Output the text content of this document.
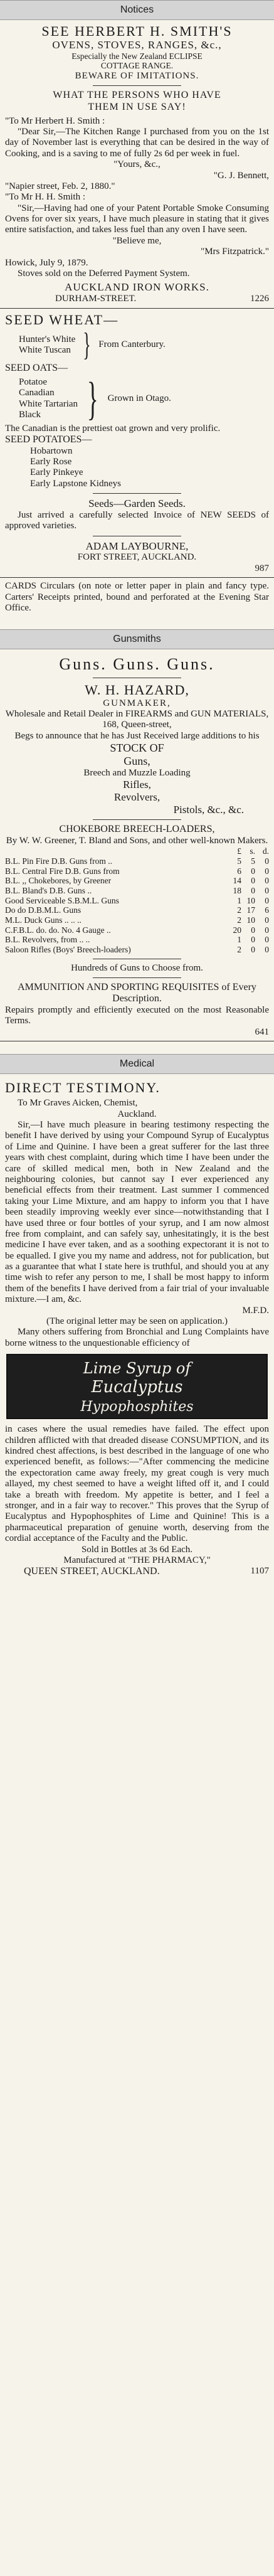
Notices

SEE HERBERT H. SMITH'S

OVENS, STOVES, RANGES, &c.,

Especially the New Zealand ECLIPSE

COTTAGE RANGE.

BEWARE OF IMITATIONS.

WHAT THE PERSONS WHO HAVE

THEM IN USE SAY!

"To Mr Herbert H. Smith :

"Dear Sir,—The Kitchen Range I purchased from you on the 1st day of November last is everything that can be desired in the way of Cooking, and is a saving to me of fully 2s 6d per week in fuel.

"Yours, &c.,

"G. J. Bennett,

"Napier street, Feb. 2, 1880."

"To Mr H. H. Smith :

"Sir,—Having had one of your Patent Portable Smoke Consuming Ovens for over six years, I have much pleasure in stating that it gives entire satisfaction, and takes less fuel than any oven I have seen.

"Believe me,

"Mrs Fitzpatrick."

Howick, July 9, 1879.

Stoves sold on the Deferred Payment System.

AUCKLAND IRON WORKS.

DURHAM-STREET.	1226

SEED WHEAT—

Hunter's White

White Tuscan } From Canterbury.

SEED OATS—

Potatoe

Canadian

White Tartarian

Black } Grown in Otago.

The Canadian is the prettiest oat grown and very prolific.

SEED POTATOES—

Hobartown

Early Rose

Early Pinkeye

Early Lapstone Kidneys

Seeds—Garden Seeds.

Just arrived a carefully selected Invoice of NEW SEEDS of approved varieties.

ADAM LAYBOURNE,

FORT STREET, AUCKLAND.

987

CARDS Circulars (on note or letter paper in plain and fancy type. Carters' Receipts printed, bound and perforated at the Evening Star Office.

Gunsmiths

Guns. Guns. Guns.

W. H. HAZARD,

GUNMAKER,

Wholesale and Retail Dealer in FIREARMS and GUN MATERIALS,

168, Queen-street,

Begs to announce that he has Just Received large additions to his

STOCK OF

Guns,

Breech and Muzzle Loading

Rifles,

Revolvers,

Pistols, &c., &c.

CHOKEBORE BREECH-LOADERS,

By W. W. Greener, T. Bland and Sons, and other well-known Makers.

	£	s.	d.
B.L. Pin Fire D.B. Guns from ..	5	5	0
B.L. Central Fire D.B. Guns from	6	0	0
B.L. ,, Chokebores, by Greener	14	0	0
B.L. Bland's D.B. Guns ..	18	0	0
Good Serviceable S.B.M.L. Guns	1	10	0
Do do D.B.M.L. Guns	2	17	6
M.L. Duck Guns .. .. ..	2	10	0
C.F.B.L. do. do. No. 4 Gauge ..	20	0	0
B.L. Revolvers, from .. ..	1	0	0
Saloon Rifles (Boys' Breech-loaders)	2	0	0

Hundreds of Guns to Choose from.

AMMUNITION AND SPORTING REQUISITES of Every Description.

Repairs promptly and efficiently executed on the most Reasonable Terms.

641

Medical

DIRECT TESTIMONY.

To Mr Graves Aicken, Chemist,

Auckland.

Sir,—I have much pleasure in bearing testimony respecting the benefit I have derived by using your Compound Syrup of Eucalyptus of Lime and Quinine. I have been a great sufferer for the last three years with chest complaint, during which time I have been under the care of skilled medical men, both in New Zealand and the neighbouring colonies, but cannot say I ever experienced any beneficial effects from their treatment. Last summer I commenced taking your Lime Mixture, and am happy to inform you that I have been steadily improving weekly ever since—notwithstanding that I have used three or four bottles of your syrup, and I am now almost free from complaint, and can safely say, unhesitatingly, it is the best medicine I have ever taken, and as a soothing expectorant it is not to be equalled. I give you my name and address, not for publication, but as a guarantee that what I state here is truthful, and should you at any time wish to refer any person to me, I shall be most happy to inform them of the benefits I have derived from a fair trial of your invaluable mixture.—I am, &c.

M.F.D.

(The original letter may be seen on application.)

Many others suffering from Bronchial and Lung Complaints have borne witness to the unquestionable efficiency of

Lime Syrup of
Eucalyptus
Hypophosphites

in cases where the usual remedies have failed. The effect upon children afflicted with that dreaded disease CONSUMPTION, and its kindred chest affections, is best described in the language of one who experienced benefit, as follows:—"After commencing the medicine the expectoration came away freely, my great cough is very much allayed, my chest seemed to have a weight lifted off it, and I could take a breath with freedom. My appetite is better, and I feel a stronger, and in a fair way to recover." This proves that the Syrup of Eucalyptus and Hypophosphites of Lime and Quinine! This is a pharmaceutical preparation of genuine worth, deserving from the cordial acceptance of the Faculty and the Public.

Sold in Bottles at 3s 6d Each.

Manufactured at "THE PHARMACY,"

QUEEN STREET, AUCKLAND.	1107
